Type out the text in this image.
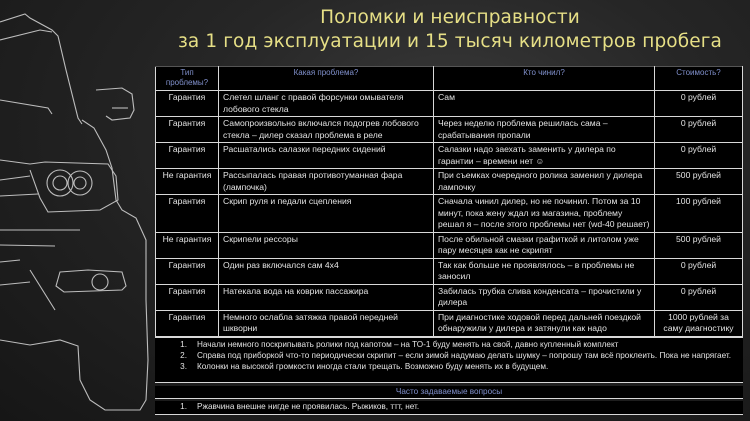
Поломки и неисправности
за 1 год эксплуатации и 15 тысяч километров пробега
Тип проблемы?	Какая проблема?	Кто чинил?	Стоимость?
Гарантия	Слетел шланг с правой форсунки омывателя лобового стекла	Сам	0 рублей
Гарантия	Самопроизвольно включался подогрев лобового стекла – дилер сказал проблема в реле	Через неделю проблема решилась сама – срабатывания пропали	0 рублей
Гарантия	Расшатались салазки передних сидений	Салазки надо заехать заменить у дилера по гарантии – времени нет ☺	0 рублей
Не гарантия	Рассыпалась правая противотуманная фара (лампочка)	При съемках очередного ролика заменил у дилера лампочку	500 рублей
Гарантия	Скрип руля и педали сцепления	Сначала чинил дилер, но не починил. Потом за 10 минут, пока жену ждал из магазина, проблему решал я – после этого проблемы нет (wd-40 решает)	100 рублей
Не гарантия	Скрипели рессоры	После обильной смазки графиткой и литолом уже пару месяцев как не скрипят	500 рублей
Гарантия	Один раз включался сам 4х4	Так как больше не проявлялось – в проблемы не заносил	0 рублей
Гарантия	Натекала вода на коврик пассажира	Забилась трубка слива конденсата – прочистили у дилера	0 рублей
Гарантия	Немного ослабла затяжка правой передней шкворни	При диагностике ходовой перед дальней поездкой обнаружили у дилера и затянули как надо	1000 рублей за саму диагностику
1.	Начали немного поскрипывать ролики под капотом – на ТО-1 буду менять на свой, давно купленный комплект
2.	Справа под приборкой что-то периодически скрипит – если зимой надумаю делать шумку – попрошу там всё проклеить. Пока не напрягает.
3.	Колонки на высокой громкости иногда стали трещать. Возможно буду менять их в будущем.
Часто задаваемые вопросы
1.	Ржавчина внешне нигде не проявилась. Рыжиков, ттт, нет.
